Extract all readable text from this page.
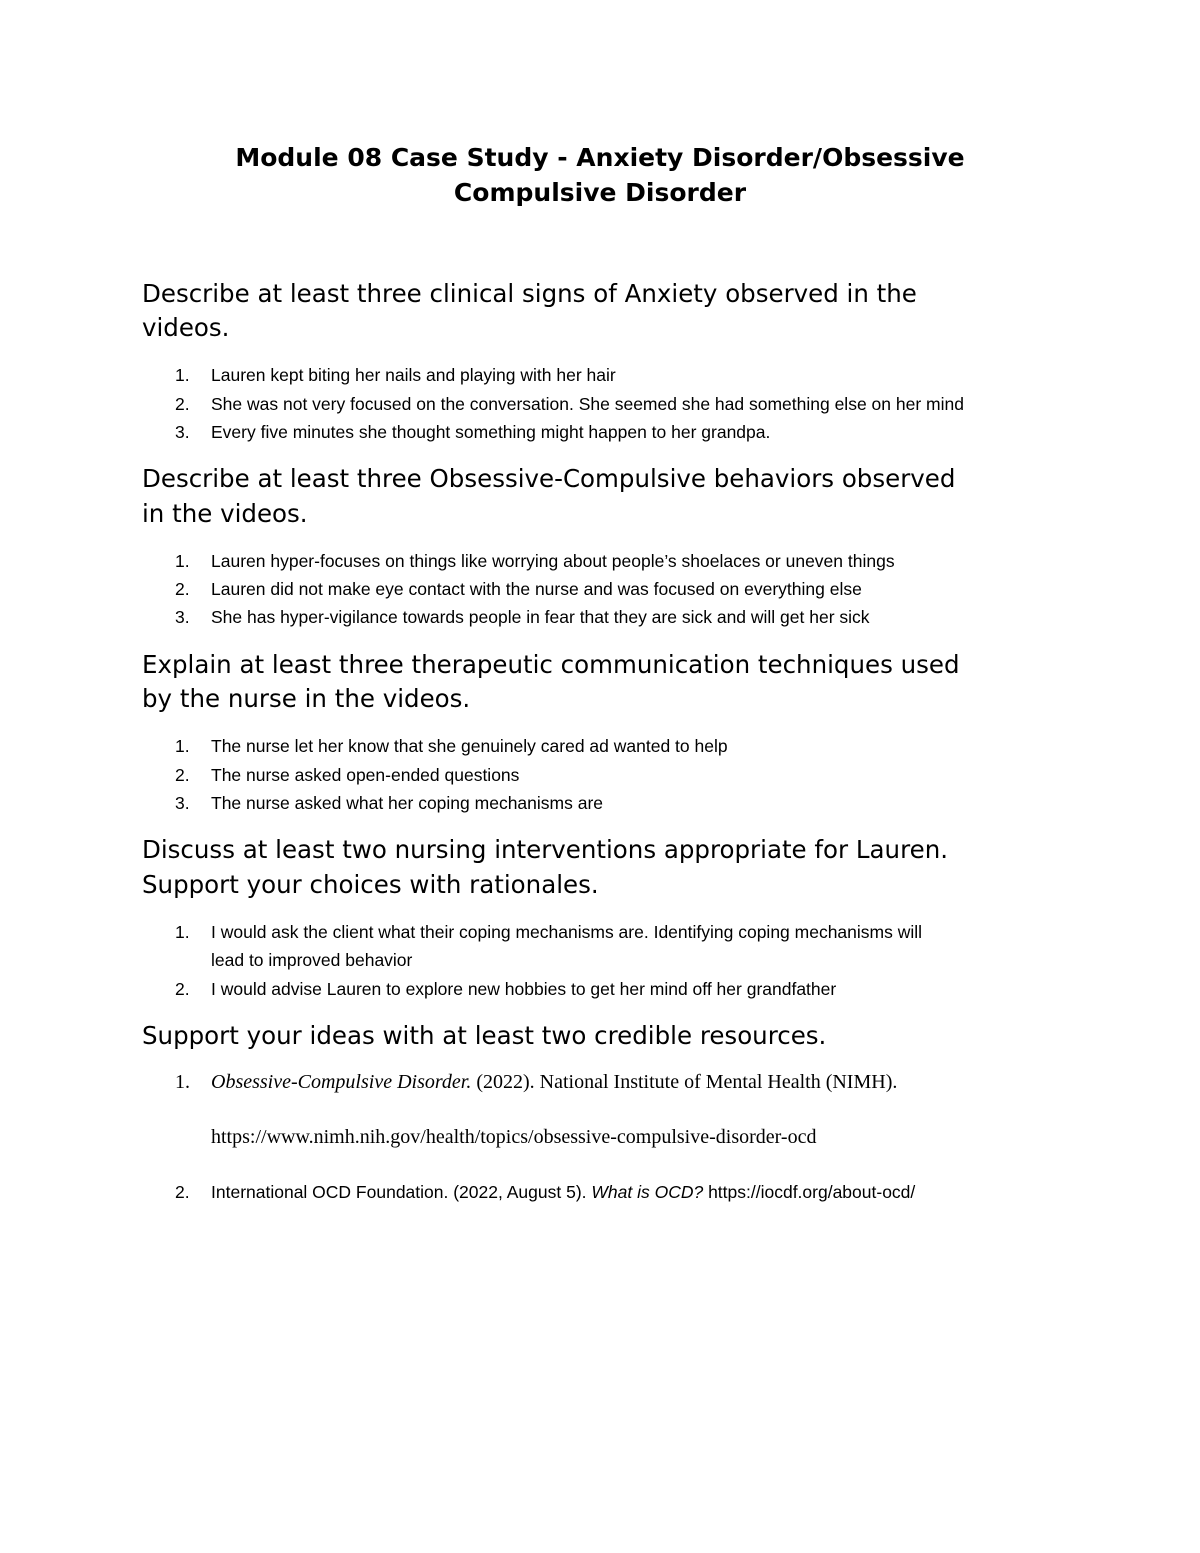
Module 08 Case Study - Anxiety Disorder/Obsessive
Compulsive Disorder
Describe at least three clinical signs of Anxiety observed in the
videos.
1. Lauren kept biting her nails and playing with her hair
2. She was not very focused on the conversation. She seemed she had something else on her mind
3. Every five minutes she thought something might happen to her grandpa.
Describe at least three Obsessive-Compulsive behaviors observed
in the videos.
1. Lauren hyper-focuses on things like worrying about people’s shoelaces or uneven things
2. Lauren did not make eye contact with the nurse and was focused on everything else
3. She has hyper-vigilance towards people in fear that they are sick and will get her sick
Explain at least three therapeutic communication techniques used
by the nurse in the videos.
1. The nurse let her know that she genuinely cared ad wanted to help
2. The nurse asked open-ended questions
3. The nurse asked what her coping mechanisms are
Discuss at least two nursing interventions appropriate for Lauren.
Support your choices with rationales.
1. I would ask the client what their coping mechanisms are. Identifying coping mechanisms will
lead to improved behavior
2. I would advise Lauren to explore new hobbies to get her mind off her grandfather
Support your ideas with at least two credible resources.
1. Obsessive-Compulsive Disorder. (2022). National Institute of Mental Health (NIMH).
https://www.nimh.nih.gov/health/topics/obsessive-compulsive-disorder-ocd
2. International OCD Foundation. (2022, August 5). What is OCD? https://iocdf.org/about-ocd/
